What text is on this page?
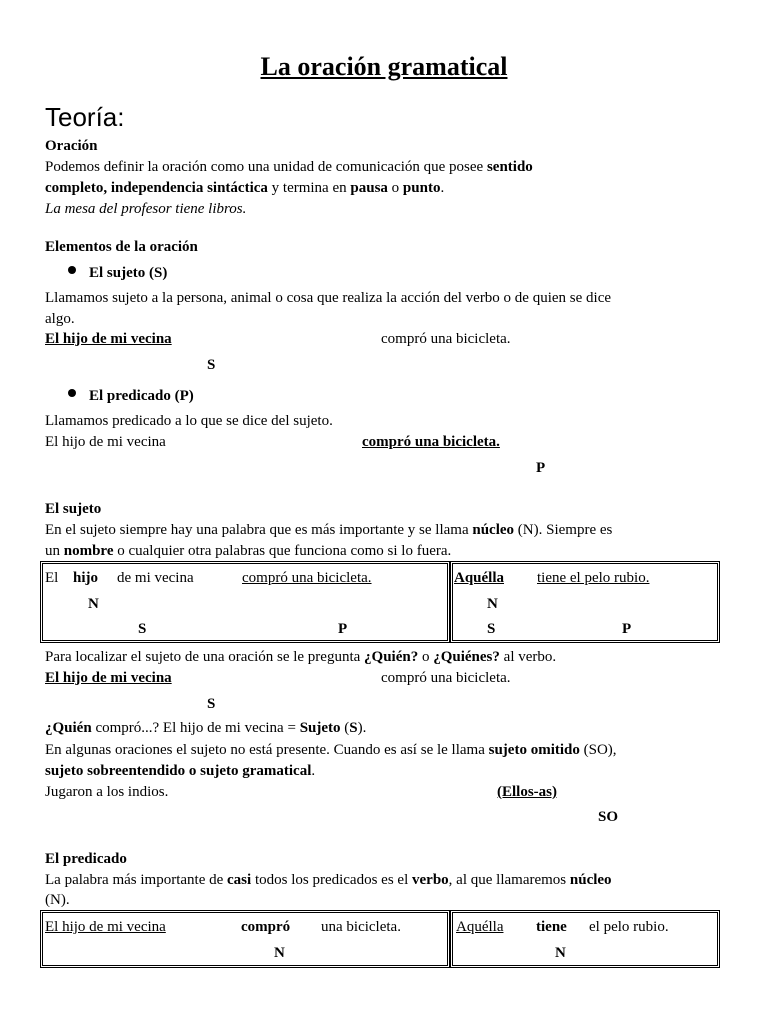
La oración gramatical
Teoría:
Oración
Podemos definir la oración como una unidad de comunicación que posee sentido
completo, independencia sintáctica y termina en pausa o punto.
La mesa del profesor tiene libros.
Elementos de la oración
El sujeto (S)
Llamamos sujeto a la persona, animal o cosa que realiza la acción del verbo o de quien se dice
algo.
El hijo de mi vecina	compró una bicicleta.
S
El predicado (P)
Llamamos predicado a lo que se dice del sujeto.
El hijo de mi vecina	compró una bicicleta.
P
El sujeto
En el sujeto siempre hay una palabra que es más importante y se llama núcleo (N). Siempre es
un nombre o cualquier otra palabras que funciona como si lo fuera.
El hijo de mi vecina	compró una bicicleta.
N
S	P
Aquélla tiene el pelo rubio.
N
S	P
Para localizar el sujeto de una oración se le pregunta ¿Quién? o ¿Quiénes? al verbo.
El hijo de mi vecina	compró una bicicleta.
S
¿Quién compró...? El hijo de mi vecina = Sujeto (S).
En algunas oraciones el sujeto no está presente. Cuando es así se le llama sujeto omitido (SO),
sujeto sobreentendido o sujeto gramatical.
Jugaron a los indios.	(Ellos-as)
SO
El predicado
La palabra más importante de casi todos los predicados es el verbo, al que llamaremos núcleo
(N).
El hijo de mi vecina	compró una bicicleta.
N
Aquélla tiene el pelo rubio.
N
